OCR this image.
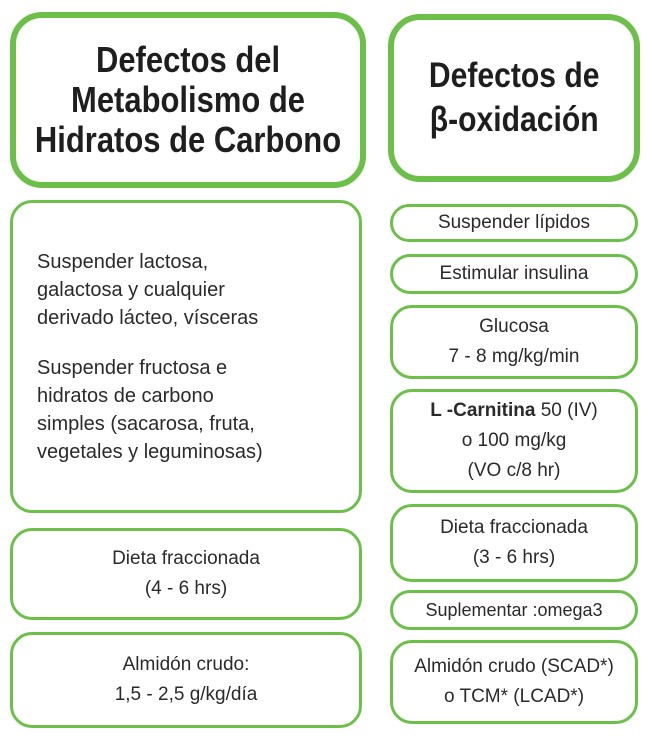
Defectos del
Metabolismo de
Hidratos de Carbono
Suspender lactosa,
galactosa y cualquier
derivado lácteo, vísceras
Suspender fructosa e
hidratos de carbono
simples (sacarosa, fruta,
vegetales y leguminosas)
Dieta fraccionada
(4 - 6 hrs)
Almidón crudo:
1,5 - 2,5 g/kg/día
Defectos de
β-oxidación
Suspender lípidos
Estimular insulina
Glucosa
7 - 8 mg/kg/min
L -Carnitina 50 (IV)
o 100 mg/kg
(VO c/8 hr)
Dieta fraccionada
(3 - 6 hrs)
Suplementar :omega3
Almidón crudo (SCAD*)
o TCM* (LCAD*)
